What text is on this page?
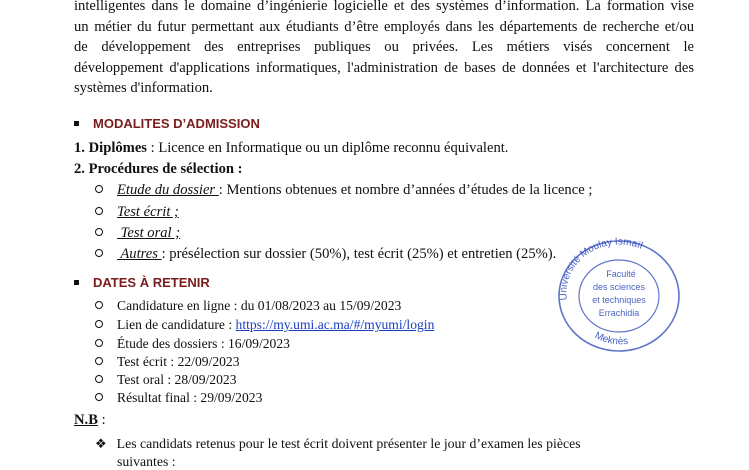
intelligentes dans le domaine d’ingénierie logicielle et des systèmes d’information. La formation vise

un métier du futur permettant aux étudiants d’être employés dans les départements de recherche et/ou

de développement des entreprises publiques ou privées. Les métiers visés concernent le

développement d'applications informatiques, l'administration de bases de données et l'architecture des

systèmes d'information.

MODALITES D’ADMISSION
1. Diplômes : Licence en Informatique ou un diplôme reconnu équivalent.
2. Procédures de sélection :
Etude du dossier : Mentions obtenues et nombre d’années d’études de la licence ;
Test écrit ;
Test oral ;
Autres : présélection sur dossier (50%), test écrit (25%) et entretien (25%).
DATES À RETENIR
Candidature en ligne : du 01/08/2023 au 15/09/2023
Lien de candidature : https://my.umi.ac.ma/#/myumi/login
Étude des dossiers : 16/09/2023
Test écrit : 22/09/2023
Test oral : 28/09/2023
Résultat final : 29/09/2023
N.B :
❖ Les candidats retenus pour le test écrit doivent présenter le jour d’examen les pièces
suivantes :
Université Moulay Ismaïl
Meknès
Faculté
des sciences
et techniques
Errachidia
